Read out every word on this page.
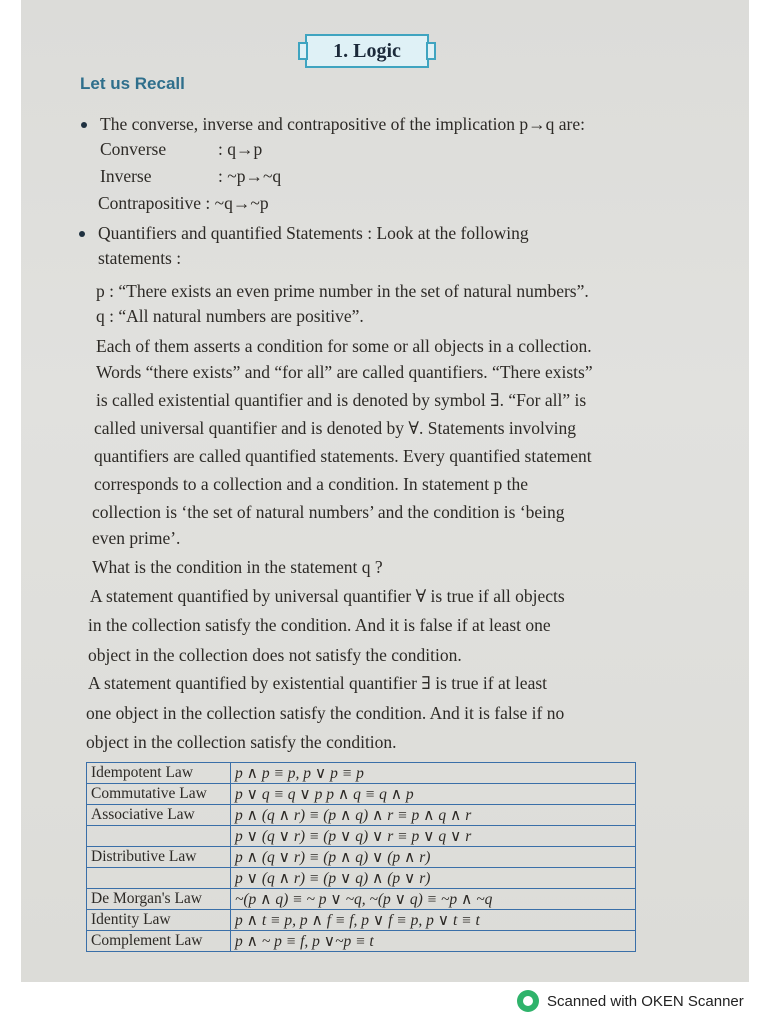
1. Logic
Let us Recall
The converse, inverse and contrapositive of the implication p→q are:
Converse	: q→p
Inverse	: ~p→~q
Contrapositive : ~q→~p
Quantifiers and quantified Statements : Look at the following
statements :
p : “There exists an even prime number in the set of natural numbers”.
q : “All natural numbers are positive”.
Each of them asserts a condition for some or all objects in a collection.
Words “there exists” and “for all” are called quantifiers. “There exists”
is called existential quantifier and is denoted by symbol ∃. “For all” is
called universal quantifier and is denoted by ∀. Statements involving
quantifiers are called quantified statements. Every quantified statement
corresponds to a collection and a condition. In statement p the
collection is ‘the set of natural numbers’ and the condition is ‘being
even prime’.
What is the condition in the statement q ?
A statement quantified by universal quantifier ∀ is true if all objects
in the collection satisfy the condition. And it is false if at least one
object in the collection does not satisfy the condition.
A statement quantified by existential quantifier ∃ is true if at least
one object in the collection satisfy the condition. And it is false if no
object in the collection satisfy the condition.
Idempotent Law	p ∧ p ≡ p, p ∨ p ≡ p
Commutative Law	p ∨ q ≡ q ∨ p p ∧ q ≡ q ∧ p
Associative Law	p ∧ (q ∧ r) ≡ (p ∧ q) ∧ r ≡ p ∧ q ∧ r
	p ∨ (q ∨ r) ≡ (p ∨ q) ∨ r ≡ p ∨ q ∨ r
Distributive Law	p ∧ (q ∨ r) ≡ (p ∧ q) ∨ (p ∧ r)
	p ∨ (q ∧ r) ≡ (p ∨ q) ∧ (p ∨ r)
De Morgan's Law	~(p ∧ q) ≡ ~ p ∨ ~q, ~(p ∨ q) ≡ ~p ∧ ~q
Identity Law	p ∧ t ≡ p, p ∧ f ≡ f, p ∨ f ≡ p, p ∨ t ≡ t
Complement Law	p ∧ ~ p ≡ f, p ∨~p ≡ t
Scanned with OKEN Scanner
